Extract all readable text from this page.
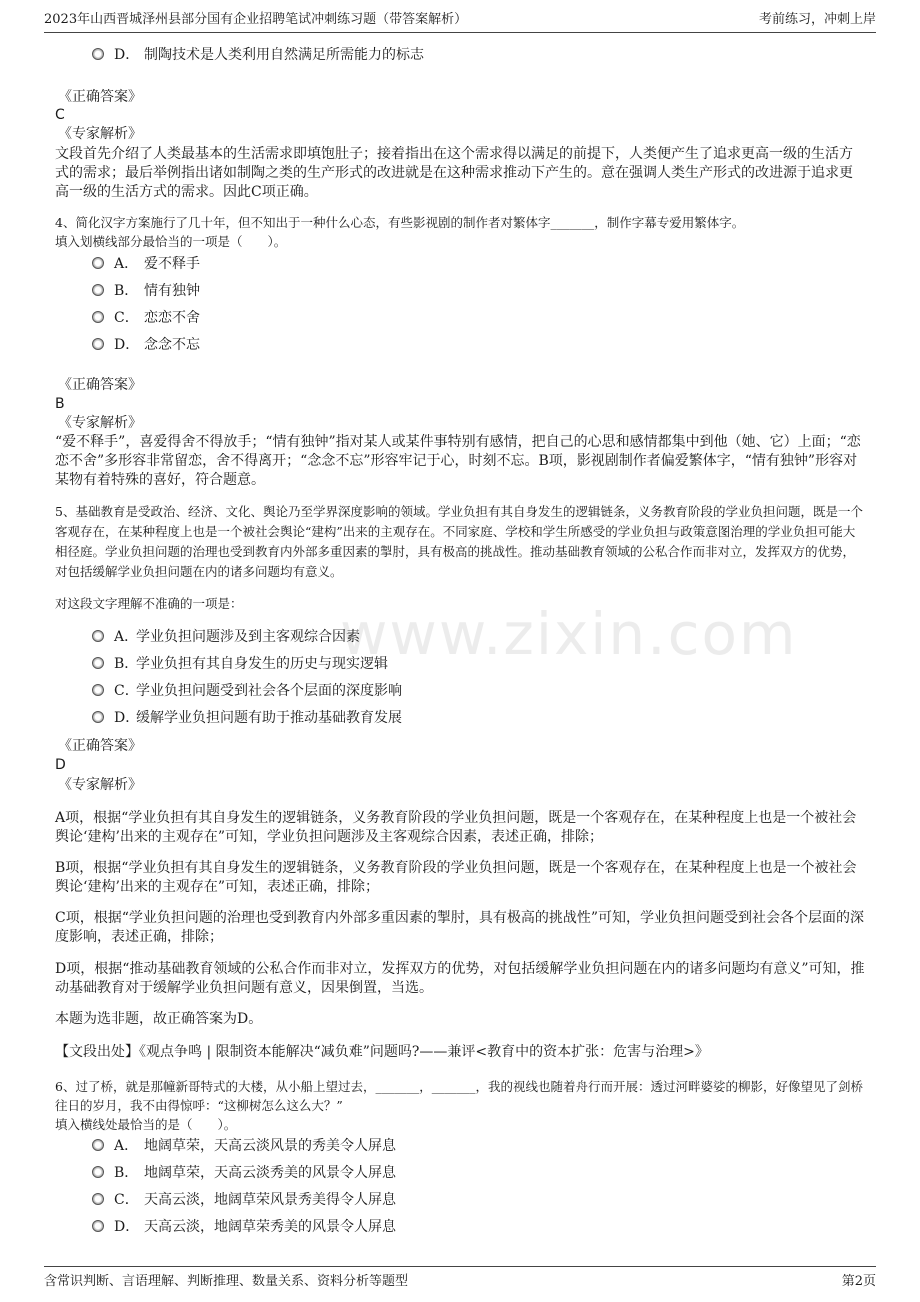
2023年山西晋城泽州县部分国有企业招聘笔试冲刺练习题（带答案解析）	考前练习，冲刺上岸
www.zixin.com
D． 制陶技术是人类利用自然满足所需能力的标志
《正确答案》
C
《专家解析》
文段首先介绍了人类最基本的生活需求即填饱肚子；接着指出在这个需求得以满足的前提下，人类便产生了追求更高一级的生活方式的需求；最后举例指出诸如制陶之类的生产形式的改进就是在这种需求推动下产生的。意在强调人类生产形式的改进源于追求更高一级的生活方式的需求。因此C项正确。
4、简化汉字方案施行了几十年，但不知出于一种什么心态，有些影视剧的制作者对繁体字_______，制作字幕专爱用繁体字。
填入划横线部分最恰当的一项是（　　）。
A． 爱不释手
B． 情有独钟
C． 恋恋不舍
D． 念念不忘
《正确答案》
B
《专家解析》
“爱不释手”，喜爱得舍不得放手；“情有独钟”指对某人或某件事特别有感情，把自己的心思和感情都集中到他（她、它）上面；“恋恋不舍”多形容非常留恋，舍不得离开；“念念不忘”形容牢记于心，时刻不忘。B项，影视剧制作者偏爱繁体字，“情有独钟”形容对某物有着特殊的喜好，符合题意。
5、基础教育是受政治、经济、文化、舆论乃至学界深度影响的领域。学业负担有其自身发生的逻辑链条，义务教育阶段的学业负担问题，既是一个客观存在，在某种程度上也是一个被社会舆论“建构”出来的主观存在。不同家庭、学校和学生所感受的学业负担与政策意图治理的学业负担可能大相径庭。学业负担问题的治理也受到教育内外部多重因素的掣肘，具有极高的挑战性。推动基础教育领域的公私合作而非对立，发挥双方的优势，对包括缓解学业负担问题在内的诸多问题均有意义。
对这段文字理解不准确的一项是：
A．学业负担问题涉及到主客观综合因素
B．学业负担有其自身发生的历史与现实逻辑
C．学业负担问题受到社会各个层面的深度影响
D．缓解学业负担问题有助于推动基础教育发展
《正确答案》
D
《专家解析》
A项，根据“学业负担有其自身发生的逻辑链条，义务教育阶段的学业负担问题，既是一个客观存在，在某种程度上也是一个被社会舆论‘建构’出来的主观存在”可知，学业负担问题涉及主客观综合因素，表述正确，排除；
B项，根据“学业负担有其自身发生的逻辑链条，义务教育阶段的学业负担问题，既是一个客观存在，在某种程度上也是一个被社会舆论‘建构’出来的主观存在”可知，表述正确，排除；
C项，根据“学业负担问题的治理也受到教育内外部多重因素的掣肘，具有极高的挑战性”可知，学业负担问题受到社会各个层面的深度影响，表述正确，排除；
D项，根据“推动基础教育领域的公私合作而非对立，发挥双方的优势，对包括缓解学业负担问题在内的诸多问题均有意义”可知，推动基础教育对于缓解学业负担问题有意义，因果倒置，当选。
本题为选非题，故正确答案为D。
【文段出处】《观点争鸣 | 限制资本能解决“减负难”问题吗?——兼评<教育中的资本扩张：危害与治理>》
6、过了桥，就是那幢新哥特式的大楼，从小船上望过去，_______，_______，我的视线也随着舟行而开展：透过河畔婆娑的柳影，好像望见了剑桥往日的岁月，我不由得惊呼：“这柳树怎么这么大？”
填入横线处最恰当的是（　　）。
A． 地阔草荣，天高云淡风景的秀美令人屏息
B． 地阔草荣，天高云淡秀美的风景令人屏息
C． 天高云淡，地阔草荣风景秀美得令人屏息
D． 天高云淡，地阔草荣秀美的风景令人屏息
含常识判断、言语理解、判断推理、数量关系、资料分析等题型	第2页
